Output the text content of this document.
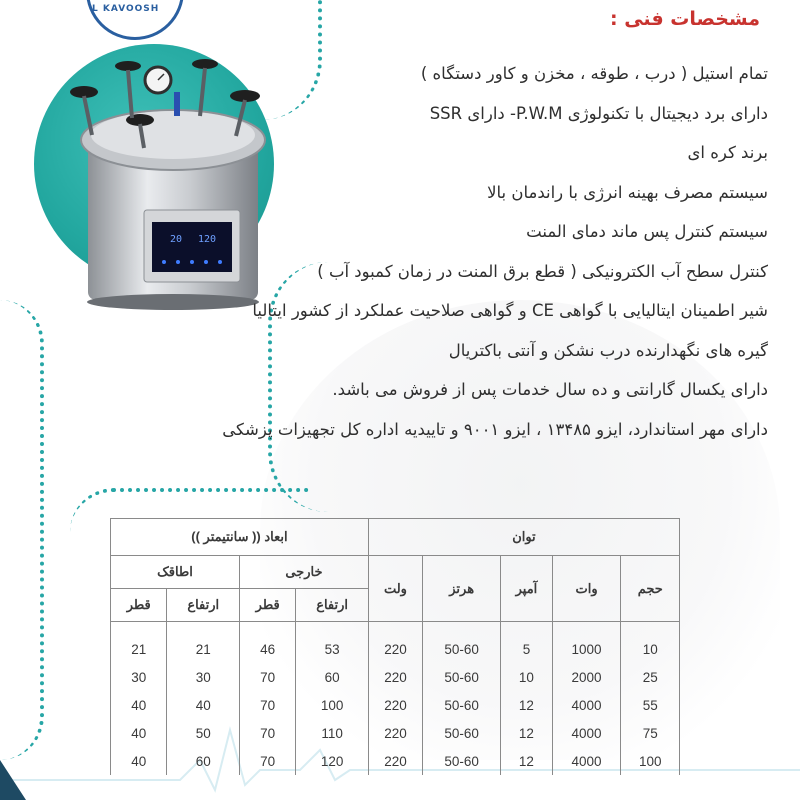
L KAVOOSH
20 120
مشخصات فنی :
تمام استیل ( درب ، طوقه ، مخزن و کاور دستگاه )
دارای برد دیجیتال با تکنولوژی P.W.M- دارای SSR
برند کره ای
سیستم مصرف بهینه انرژی با راندمان بالا
سیستم کنترل پس ماند دمای المنت
کنترل سطح آب الکترونیکی ( قطع برق المنت در زمان کمبود آب )
شیر اطمینان ایتالیایی با گواهی CE و گواهی صلاحیت عملکرد از کشور ایتالیا
گیره های نگهدارنده درب نشکن و آنتی باکتریال
دارای یکسال گارانتی و ده سال خدمات پس از فروش می باشد.
دارای مهر استاندارد، ایزو ۱۳۴۸۵ ، ایزو ۹۰۰۱ و تاییدیه اداره کل تجهیزات پزشکی
توان					ابعاد (( سانتیمتر ))			
حجم	وات	آمپر	هرتز	ولت	خارجی		اطاقک	
					ارتفاع	قطر	ارتفاع	قطر
10	1000	5	50-60	220	53	46	21	21
25	2000	10	50-60	220	60	70	30	30
55	4000	12	50-60	220	100	70	40	40
75	4000	12	50-60	220	110	70	50	40
100	4000	12	50-60	220	120	70	60	40
